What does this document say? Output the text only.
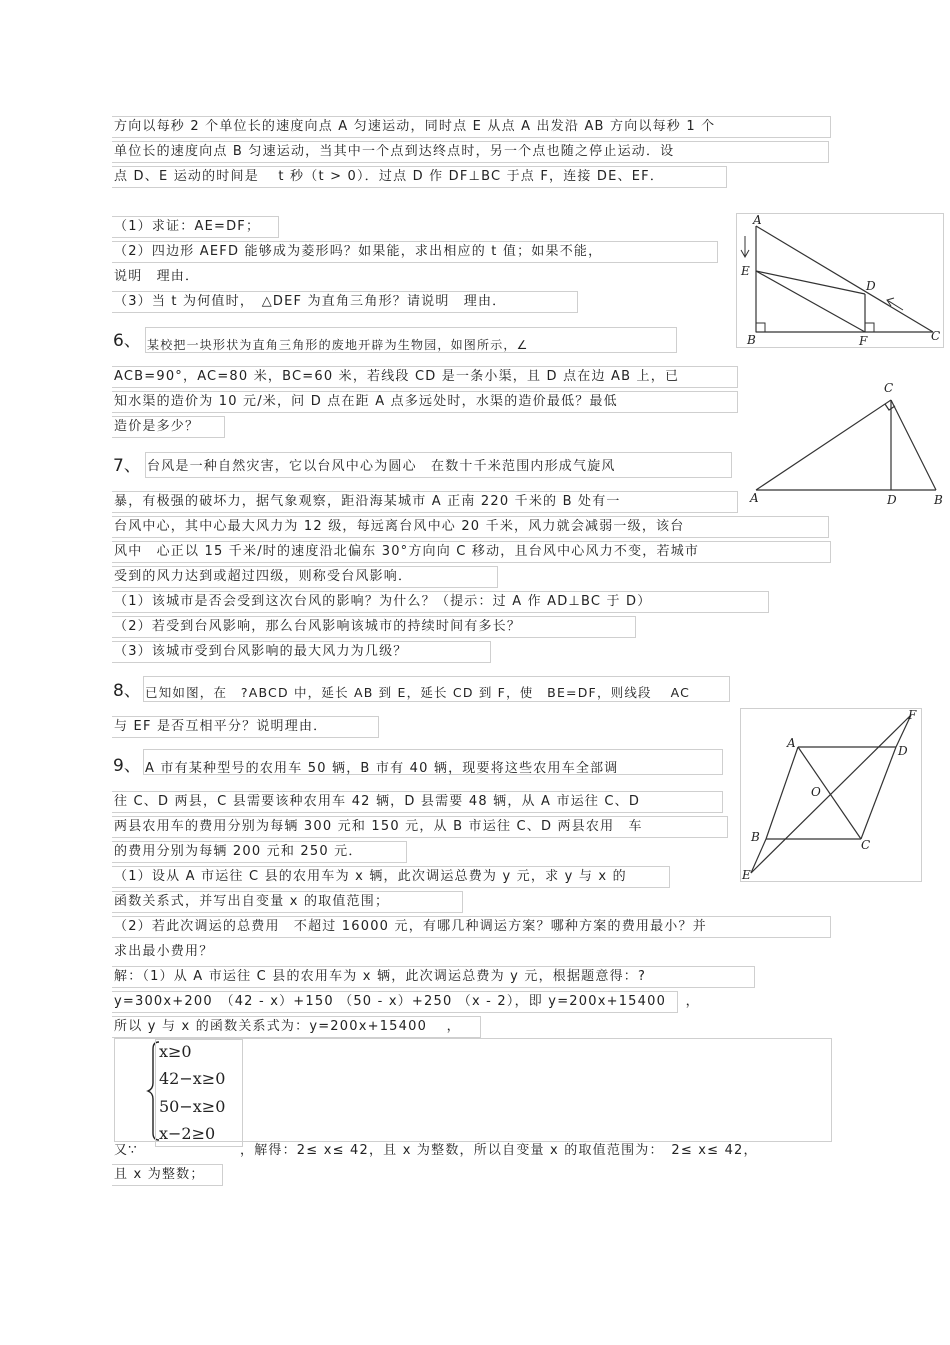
方向以每秒 2 个单位长的速度向点 A 匀速运动，同时点 E 从点 A 出发沿 AB 方向以每秒 1 个
单位长的速度向点 B 匀速运动，当其中一个点到达终点时，另一个点也随之停止运动．设
点 D、E 运动的时间是　 t 秒（t > 0）．过点 D 作 DF⊥BC 于点 F，连接 DE、EF．
（1）求证：AE=DF；
（2）四边形 AEFD 能够成为菱形吗？如果能，求出相应的 t 值；如果不能，
说明　理由．
（3）当 t 为何值时，　△DEF 为直角三角形？请说明　理由．
A
E
B	F	C
D
6、 某校把一块形状为直角三角形的废地开辟为生物园，如图所示，∠
ACB=90°，AC=80 米，BC=60 米，若线段 CD 是一条小渠，且 D 点在边 AB 上，已
知水渠的造价为 10 元/米，问 D 点在距 A 点多远处时，水渠的造价最低？最低
造价是多少？
C
A	D	B
7、 台风是一种自然灾害，它以台风中心为圆心　在数十千米范围内形成气旋风
暴，有极强的破坏力，据气象观察，距沿海某城市 A 正南 220 千米的 B 处有一
台风中心，其中心最大风力为 12 级，每远离台风中心 20 千米，风力就会减弱一级，该台
风中　心正以 15 千米/时的速度沿北偏东 30°方向向 C 移动，且台风中心风力不变，若城市
受到的风力达到或超过四级，则称受台风影响．
（1）该城市是否会受到这次台风的影响？为什么？（提示：过 A 作 AD⊥BC 于 D）
（2）若受到台风影响，那么台风影响该城市的持续时间有多长？
（3）该城市受到台风影响的最大风力为几级？
8、 已知如图，在　?ABCD 中，延长 AB 到 E，延长 CD 到 F，使　BE=DF，则线段　 AC
与 EF 是否互相平分？说明理由．
F
A
D
O
B
C
E
9、 A 市有某种型号的农用车 50 辆，B 市有 40 辆，现要将这些农用车全部调
往 C、D 两县，C 县需要该种农用车 42 辆，D 县需要 48 辆，从 A 市运往 C、D
两县农用车的费用分别为每辆 300 元和 150 元，从 B 市运往 C、D 两县农用　车
的费用分别为每辆 200 元和 250 元．
（1）设从 A 市运往 C 县的农用车为 x 辆，此次调运总费为 y 元，求 y 与 x 的
函数关系式，并写出自变量 x 的取值范围；
（2）若此次调运的总费用　不超过 16000 元，有哪几种调运方案？哪种方案的费用最小？并
求出最小费用？
解：（1）从 A 市运往 C 县的农用车为 x 辆，此次调运总费为 y 元，根据题意得：?
y=300x+200　（42 - x）+150 （50 - x）+250 （x - 2），即 y=200x+15400　 ，
所以 y 与 x 的函数关系式为：y=200x+15400　 ，
x≥0
42−x≥0
50−x≥0
x−2≥0
又∵	，解得：2≤ x≤ 42，且 x 为整数，所以自变量 x 的取值范围为：　2≤ x≤ 42，
且 x 为整数；
